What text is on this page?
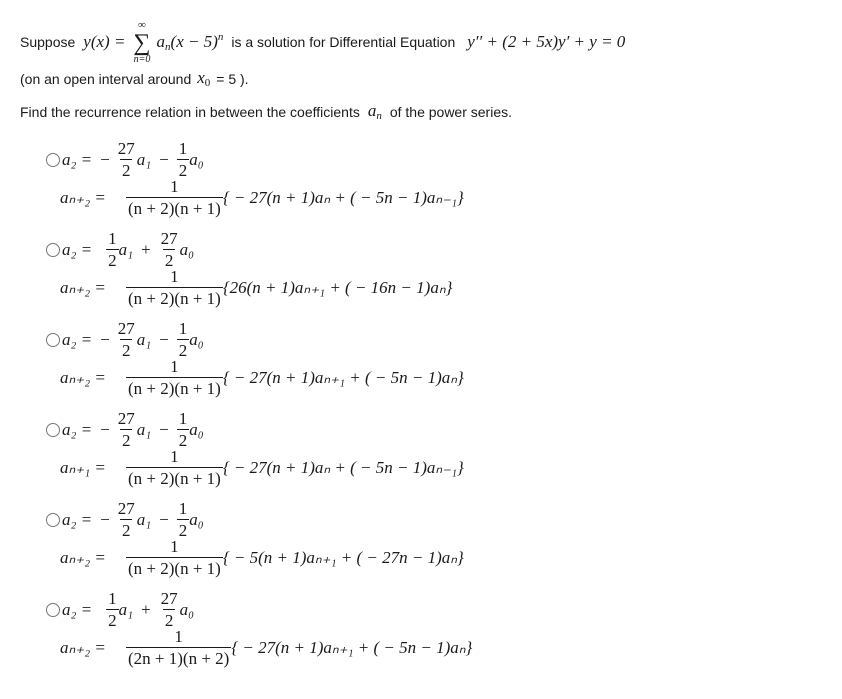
Suppose y(x) =
∞
∑
n=0
$a_n(x - 5)^n$ is a solution for Differential Equation y′′ + (2 + 5x)y′ + y = 0
(on an open interval around $x_0 = 5$ ).
Find the recurrence relation in between the coefficients $a_n$ of the power series.
a₂ = − $\frac{27}{2} a_1 - \frac{1}{2} a_0$
aₙ₊₂ =	$\frac{1}{(n + 2)(n + 1)}$ { − 27(n + 1)aₙ + ( − 5n − 1)aₙ₋₁}
$a_2 = \frac{1}{2} a_1 + \frac{27}{2} a_0$
aₙ₊₂ =	$\frac{1}{(n + 2)(n + 1)} \{26(n + 1)a_{n+1}$ + ( − 16n − 1)aₙ}
a₂ = − $\frac{27}{2} a_1 - \frac{1}{2} a_0$
aₙ₊₂ =	$\frac{1}{(n + 2)(n + 1)}$ { − 27(n + 1)aₙ₊₁ + ( − 5n − 1)aₙ}
a₂ = − $\frac{27}{2} a_1 - \frac{1}{2} a_0$
aₙ₊₁ =	$\frac{1}{(n + 2)(n + 1)}$ { − 27(n + 1)aₙ + ( − 5n − 1)aₙ₋₁}
a₂ = − $\frac{27}{2} a_1 - \frac{1}{2} a_0$
aₙ₊₂ =	$\frac{1}{(n + 2)(n + 1)}$ { − 5(n + 1)aₙ₊₁ + ( − 27n − 1)aₙ}
$a_2 = \frac{1}{2} a_1 + \frac{27}{2} a_0$
aₙ₊₂ =	$\frac{1}{(2n + 1)(n + 2)}$ { − 27(n + 1)aₙ₊₁ + ( − 5n − 1)aₙ}
